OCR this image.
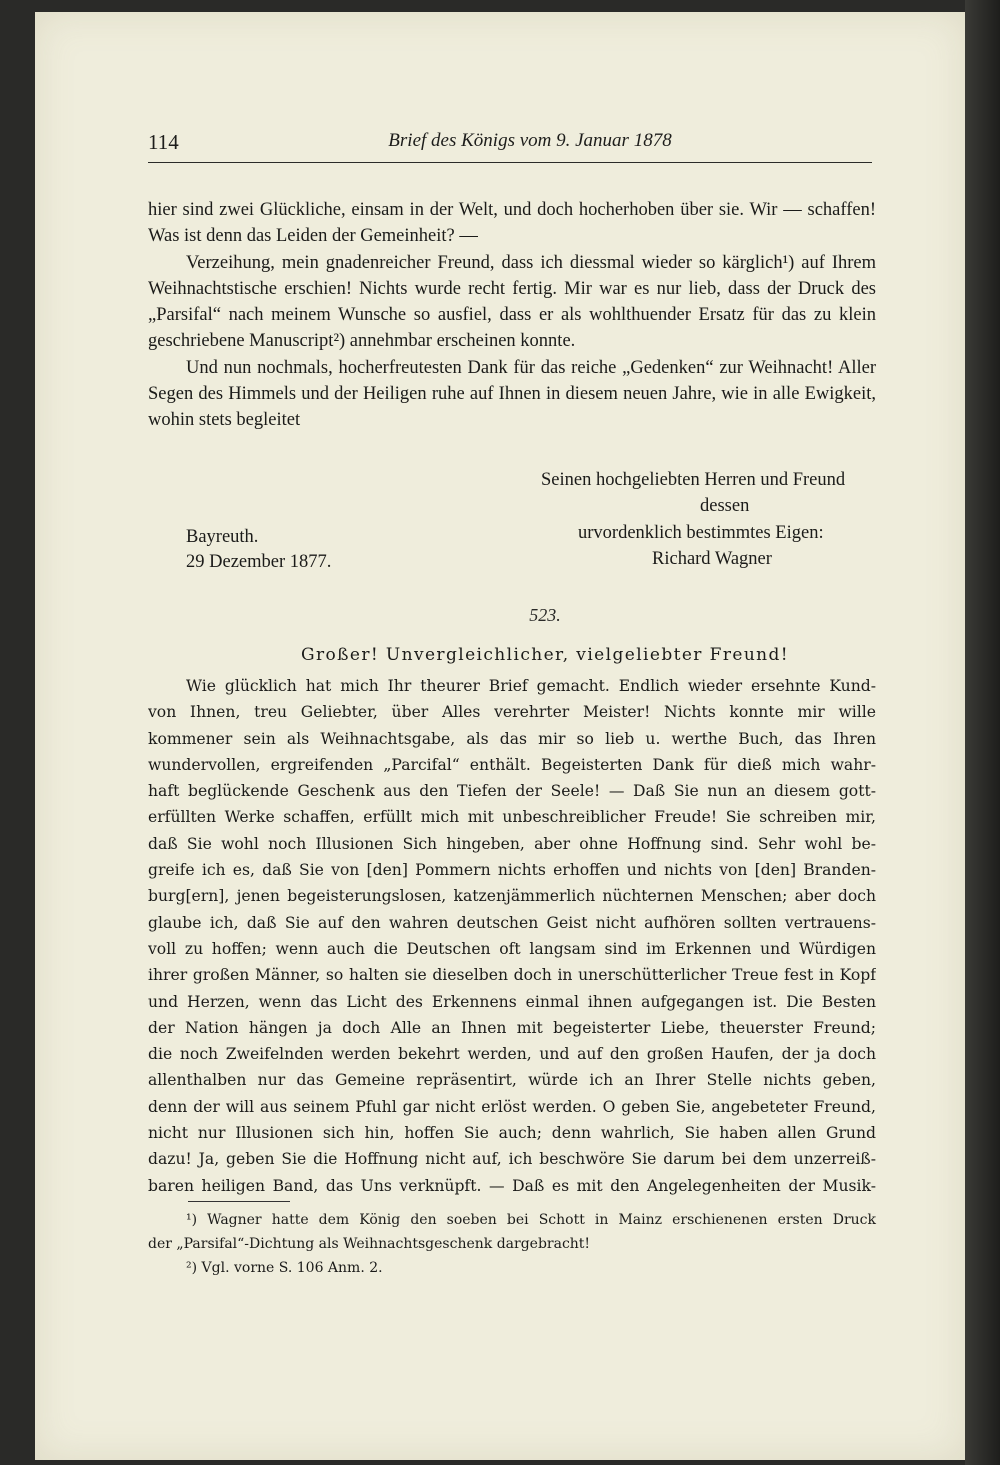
114	Brief des Königs vom 9. Januar 1878

hier sind zwei Glückliche, einsam in der Welt, und doch hocherhoben über sie. Wir — schaffen! Was ist denn das Leiden der Gemeinheit? —

Verzeihung, mein gnadenreicher Freund, dass ich diessmal wieder so kärglich¹) auf Ihrem Weihnachtstische erschien! Nichts wurde recht fertig. Mir war es nur lieb, dass der Druck des „Parsifal“ nach meinem Wunsche so ausfiel, dass er als wohlthuender Ersatz für das zu klein geschriebene Manuscript²) annehmbar erscheinen konnte.

Und nun nochmals, hocherfreutesten Dank für das reiche „Gedenken“ zur Weihnacht! Aller Segen des Himmels und der Heiligen ruhe auf Ihnen in diesem neuen Jahre, wie in alle Ewigkeit, wohin stets begleitet

Seinen hochgeliebten Herren und Freund
dessen
urvordenklich bestimmtes Eigen:
Richard Wagner
Bayreuth.
29 Dezember 1877.
523.
Großer! Unvergleichlicher, vielgeliebter Freund!
Wie glücklich hat mich Ihr theurer Brief gemacht. Endlich wieder ersehnte Kund-
von Ihnen, treu Geliebter, über Alles verehrter Meister! Nichts konnte mir wille
kommener sein als Weihnachtsgabe, als das mir so lieb u. werthe Buch, das Ihren
wundervollen, ergreifenden „Parcifal“ enthält. Begeisterten Dank für dieß mich wahr-
haft beglückende Geschenk aus den Tiefen der Seele! — Daß Sie nun an diesem gott-
erfüllten Werke schaffen, erfüllt mich mit unbeschreiblicher Freude! Sie schreiben mir,
daß Sie wohl noch Illusionen Sich hingeben, aber ohne Hoffnung sind. Sehr wohl be-
greife ich es, daß Sie von [den] Pommern nichts erhoffen und nichts von [den] Branden-
burg[ern], jenen begeisterungslosen, katzenjämmerlich nüchternen Menschen; aber doch
glaube ich, daß Sie auf den wahren deutschen Geist nicht aufhören sollten vertrauens-
voll zu hoffen; wenn auch die Deutschen oft langsam sind im Erkennen und Würdigen
ihrer großen Männer, so halten sie dieselben doch in unerschütterlicher Treue fest in Kopf
und Herzen, wenn das Licht des Erkennens einmal ihnen aufgegangen ist. Die Besten
der Nation hängen ja doch Alle an Ihnen mit begeisterter Liebe, theuerster Freund;
die noch Zweifelnden werden bekehrt werden, und auf den großen Haufen, der ja doch
allenthalben nur das Gemeine repräsentirt, würde ich an Ihrer Stelle nichts geben,
denn der will aus seinem Pfuhl gar nicht erlöst werden. O geben Sie, angebeteter Freund,
nicht nur Illusionen sich hin, hoffen Sie auch; denn wahrlich, Sie haben allen Grund
dazu! Ja, geben Sie die Hoffnung nicht auf, ich beschwöre Sie darum bei dem unzerreiß-
baren heiligen Band, das Uns verknüpft. — Daß es mit den Angelegenheiten der Musik-
¹) Wagner hatte dem König den soeben bei Schott in Mainz erschienenen ersten Druck
der „Parsifal“-Dichtung als Weihnachtsgeschenk dargebracht!
²) Vgl. vorne S. 106 Anm. 2.
